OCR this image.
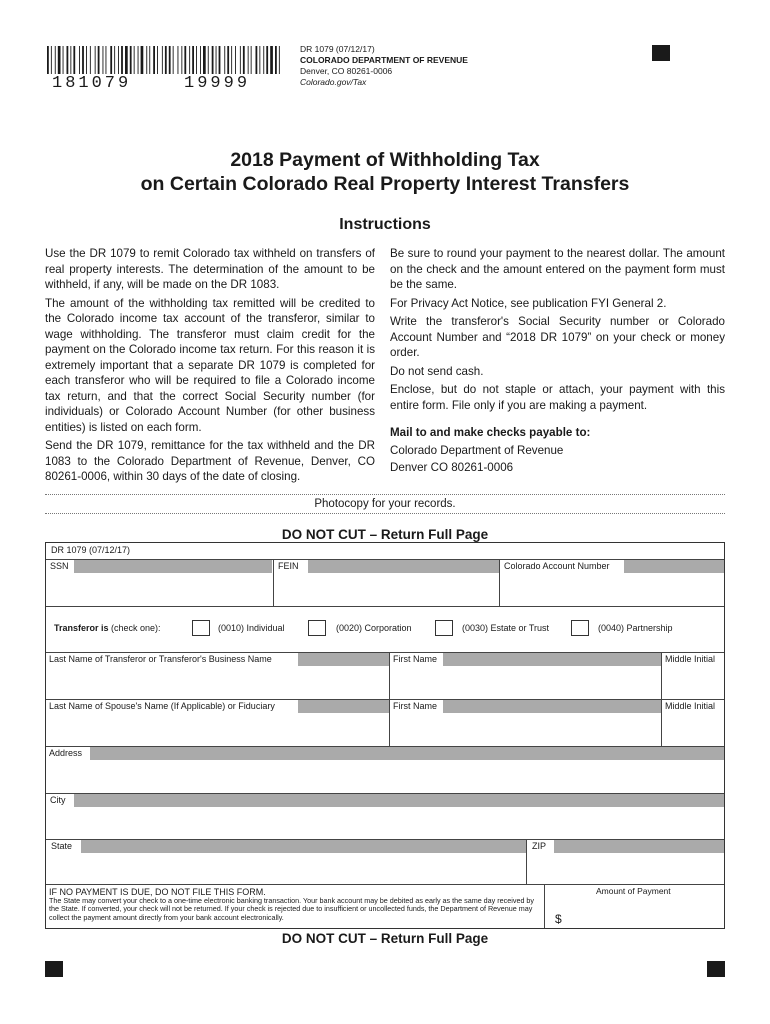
181079    19999
DR 1079 (07/12/17)
COLORADO DEPARTMENT OF REVENUE
Denver, CO 80261-0006
Colorado.gov/Tax
2018 Payment of Withholding Tax
on Certain Colorado Real Property Interest Transfers
Instructions

Use the DR 1079 to remit Colorado tax withheld on transfers of real property interests. The determination of the amount to be withheld, if any, will be made on the DR 1083.

The amount of the withholding tax remitted will be credited to the Colorado income tax account of the transferor, similar to wage withholding. The transferor must claim credit for the payment on the Colorado income tax return. For this reason it is extremely important that a separate DR 1079 is completed for each transferor who will be required to file a Colorado income tax return, and that the correct Social Security number (for individuals) or Colorado Account Number (for other business entities) is listed on each form.

Send the DR 1079, remittance for the tax withheld and the DR 1083 to the Colorado Department of Revenue, Denver, CO 80261-0006, within 30 days of the date of closing.

Be sure to round your payment to the nearest dollar. The amount on the check and the amount entered on the payment form must be the same.

For Privacy Act Notice, see publication FYI General 2.

Write the transferor's Social Security number or Colorado Account Number and “2018 DR 1079” on your check or money order.

Do not send cash.

Enclose, but do not staple or attach, your payment with this entire form. File only if you are making a payment.

Mail to and make checks payable to:

Colorado Department of Revenue

Denver CO 80261-0006

Photocopy for your records.
DO NOT CUT – Return Full Page
DR 1079 (07/12/17)
SSN	FEIN	Colorado Account Number
Transferor is (check one):	(0010) Individual	(0020) Corporation	(0030) Estate or Trust	(0040) Partnership
Last Name of Transferor or Transferor's Business Name	First Name	Middle Initial
Last Name of Spouse's Name (If Applicable) or Fiduciary	First Name	Middle Initial
Address
City
State	ZIP
IF NO PAYMENT IS DUE, DO NOT FILE THIS FORM.
The State may convert your check to a one-time electronic banking transaction. Your bank account may be debited as early as the same day received by the State. If converted, your check will not be returned. If your check is rejected due to insufficient or uncollected funds, the Department of Revenue may collect the payment amount directly from your bank account electronically.
Amount of Payment
$
DO NOT CUT – Return Full Page
